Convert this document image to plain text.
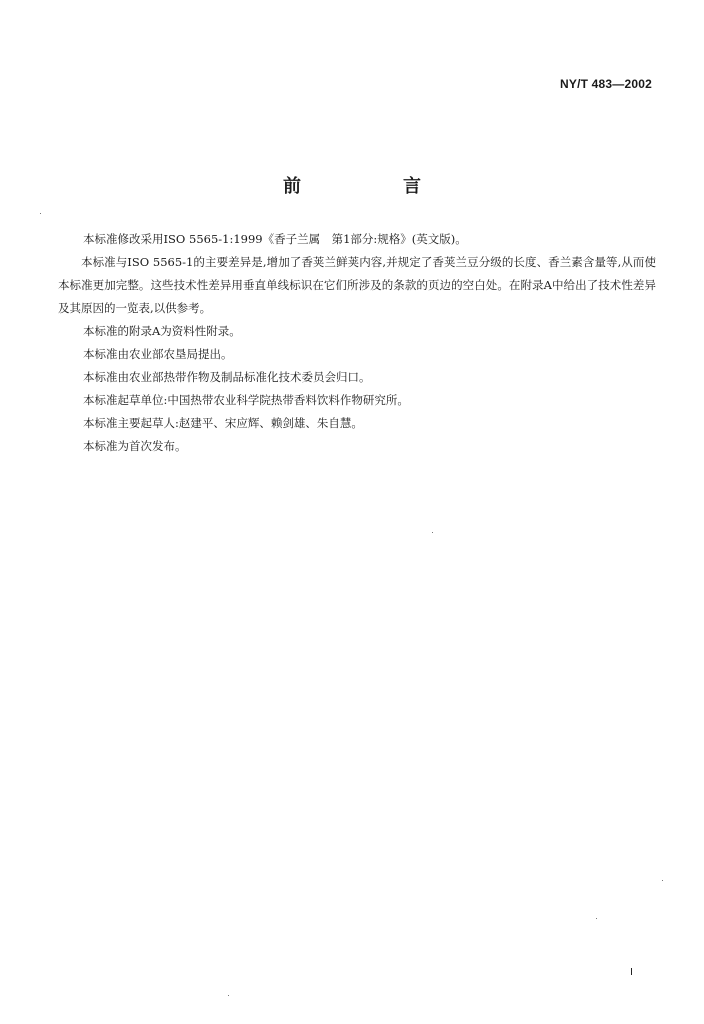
NY/T 483—2002
前　言

本标准修改采用ISO 5565-1:1999《香子兰属　第1部分:规格》(英文版)。

本标准与ISO 5565-1的主要差异是,增加了香荚兰鲜荚内容,并规定了香荚兰豆分级的长度、香兰素含量等,从而使本标准更加完整。这些技术性差异用垂直单线标识在它们所涉及的条款的页边的空白处。在附录A中给出了技术性差异及其原因的一览表,以供参考。

本标准的附录A为资料性附录。

本标准由农业部农垦局提出。

本标准由农业部热带作物及制品标准化技术委员会归口。

本标准起草单位:中国热带农业科学院热带香料饮料作物研究所。

本标准主要起草人:赵建平、宋应辉、赖剑雄、朱自慧。

本标准为首次发布。

I
